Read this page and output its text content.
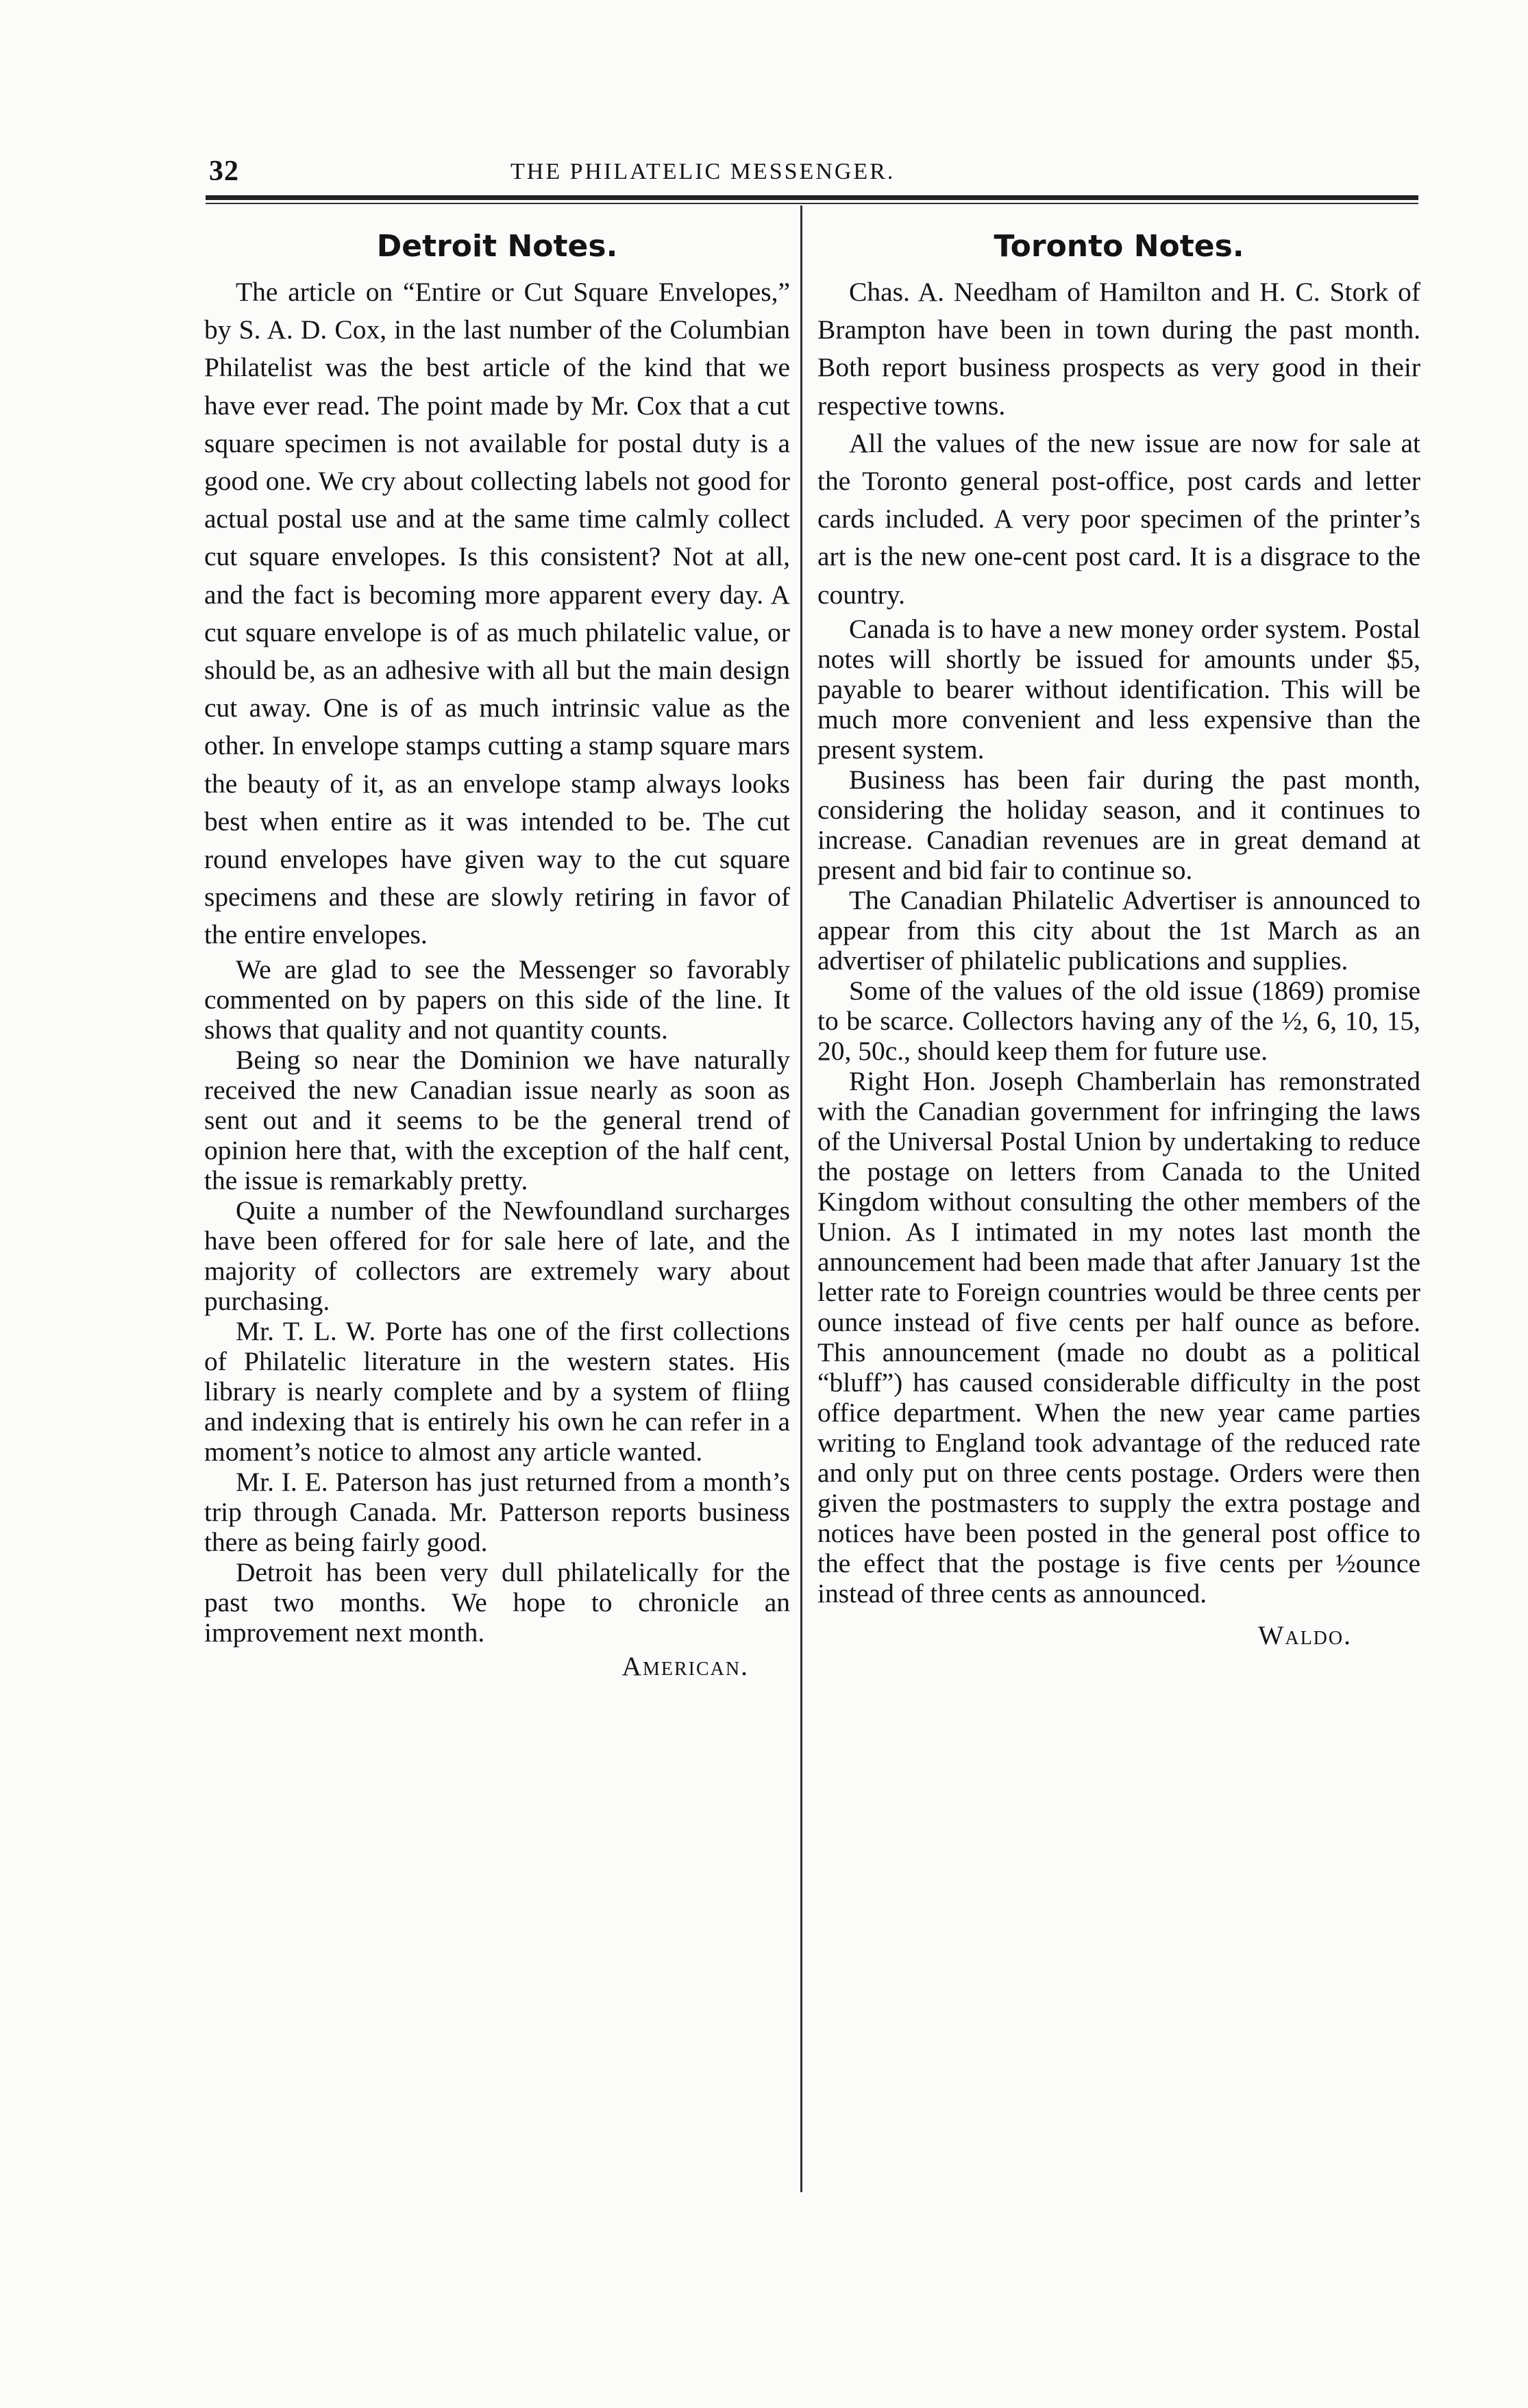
32	THE PHILATELIC MESSENGER.
Detroit Notes.

The article on “Entire or Cut Square Envelopes,” by S. A. D. Cox, in the last number of the Columbian Philatelist was the best article of the kind that we have ever read. The point made by Mr. Cox that a cut square specimen is not available for postal duty is a good one. We cry about collecting labels not good for actual postal use and at the same time calmly collect cut square envelopes. Is this consistent? Not at all, and the fact is becoming more apparent every day. A cut square envelope is of as much philatelic value, or should be, as an adhesive with all but the main design cut away. One is of as much intrinsic value as the other. In envelope stamps cutting a stamp square mars the beauty of it, as an envelope stamp always looks best when entire as it was intended to be. The cut round envelopes have given way to the cut square specimens and these are slowly retiring in favor of the entire envelopes.

We are glad to see the Messenger so favorably commented on by papers on this side of the line. It shows that quality and not quantity counts.

Being so near the Dominion we have naturally received the new Canadian issue nearly as soon as sent out and it seems to be the general trend of opinion here that, with the exception of the half cent, the issue is remarkably pretty.

Quite a number of the Newfoundland surcharges have been offered for for sale here of late, and the majority of collectors are extremely wary about purchasing.

Mr. T. L. W. Porte has one of the first collections of Philatelic literature in the western states. His library is nearly complete and by a system of fliing and indexing that is entirely his own he can refer in a moment’s notice to almost any article wanted.

Mr. I. E. Paterson has just returned from a month’s trip through Canada. Mr. Patterson reports business there as being fairly good.

Detroit has been very dull philatelically for the past two months. We hope to chronicle an improvement next month.

American.

Toronto Notes.

Chas. A. Needham of Hamilton and H. C. Stork of Brampton have been in town during the past month. Both report business prospects as very good in their respective towns.

All the values of the new issue are now for sale at the Toronto general post-office, post cards and letter cards included. A very poor specimen of the printer’s art is the new one-cent post card. It is a disgrace to the country.

Canada is to have a new money order system. Postal notes will shortly be issued for amounts under $5, payable to bearer without identification. This will be much more convenient and less expensive than the present system.

Business has been fair during the past month, considering the holiday season, and it continues to increase. Canadian revenues are in great demand at present and bid fair to continue so.

The Canadian Philatelic Advertiser is announced to appear from this city about the 1st March as an advertiser of philatelic publications and supplies.

Some of the values of the old issue (1869) promise to be scarce. Collectors having any of the ½, 6, 10, 15, 20, 50c., should keep them for future use.

Right Hon. Joseph Chamberlain has remonstrated with the Canadian government for infringing the laws of the Universal Postal Union by undertaking to reduce the postage on letters from Canada to the United Kingdom without consulting the other members of the Union. As I intimated in my notes last month the announcement had been made that after January 1st the letter rate to Foreign countries would be three cents per ounce instead of five cents per half ounce as before. This announcement (made no doubt as a political “bluff”) has caused considerable difficulty in the post office department. When the new year came parties writing to England took advantage of the reduced rate and only put on three cents postage. Orders were then given the postmasters to supply the extra postage and notices have been posted in the general post office to the effect that the postage is five cents per ½ounce instead of three cents as announced.

Waldo.
